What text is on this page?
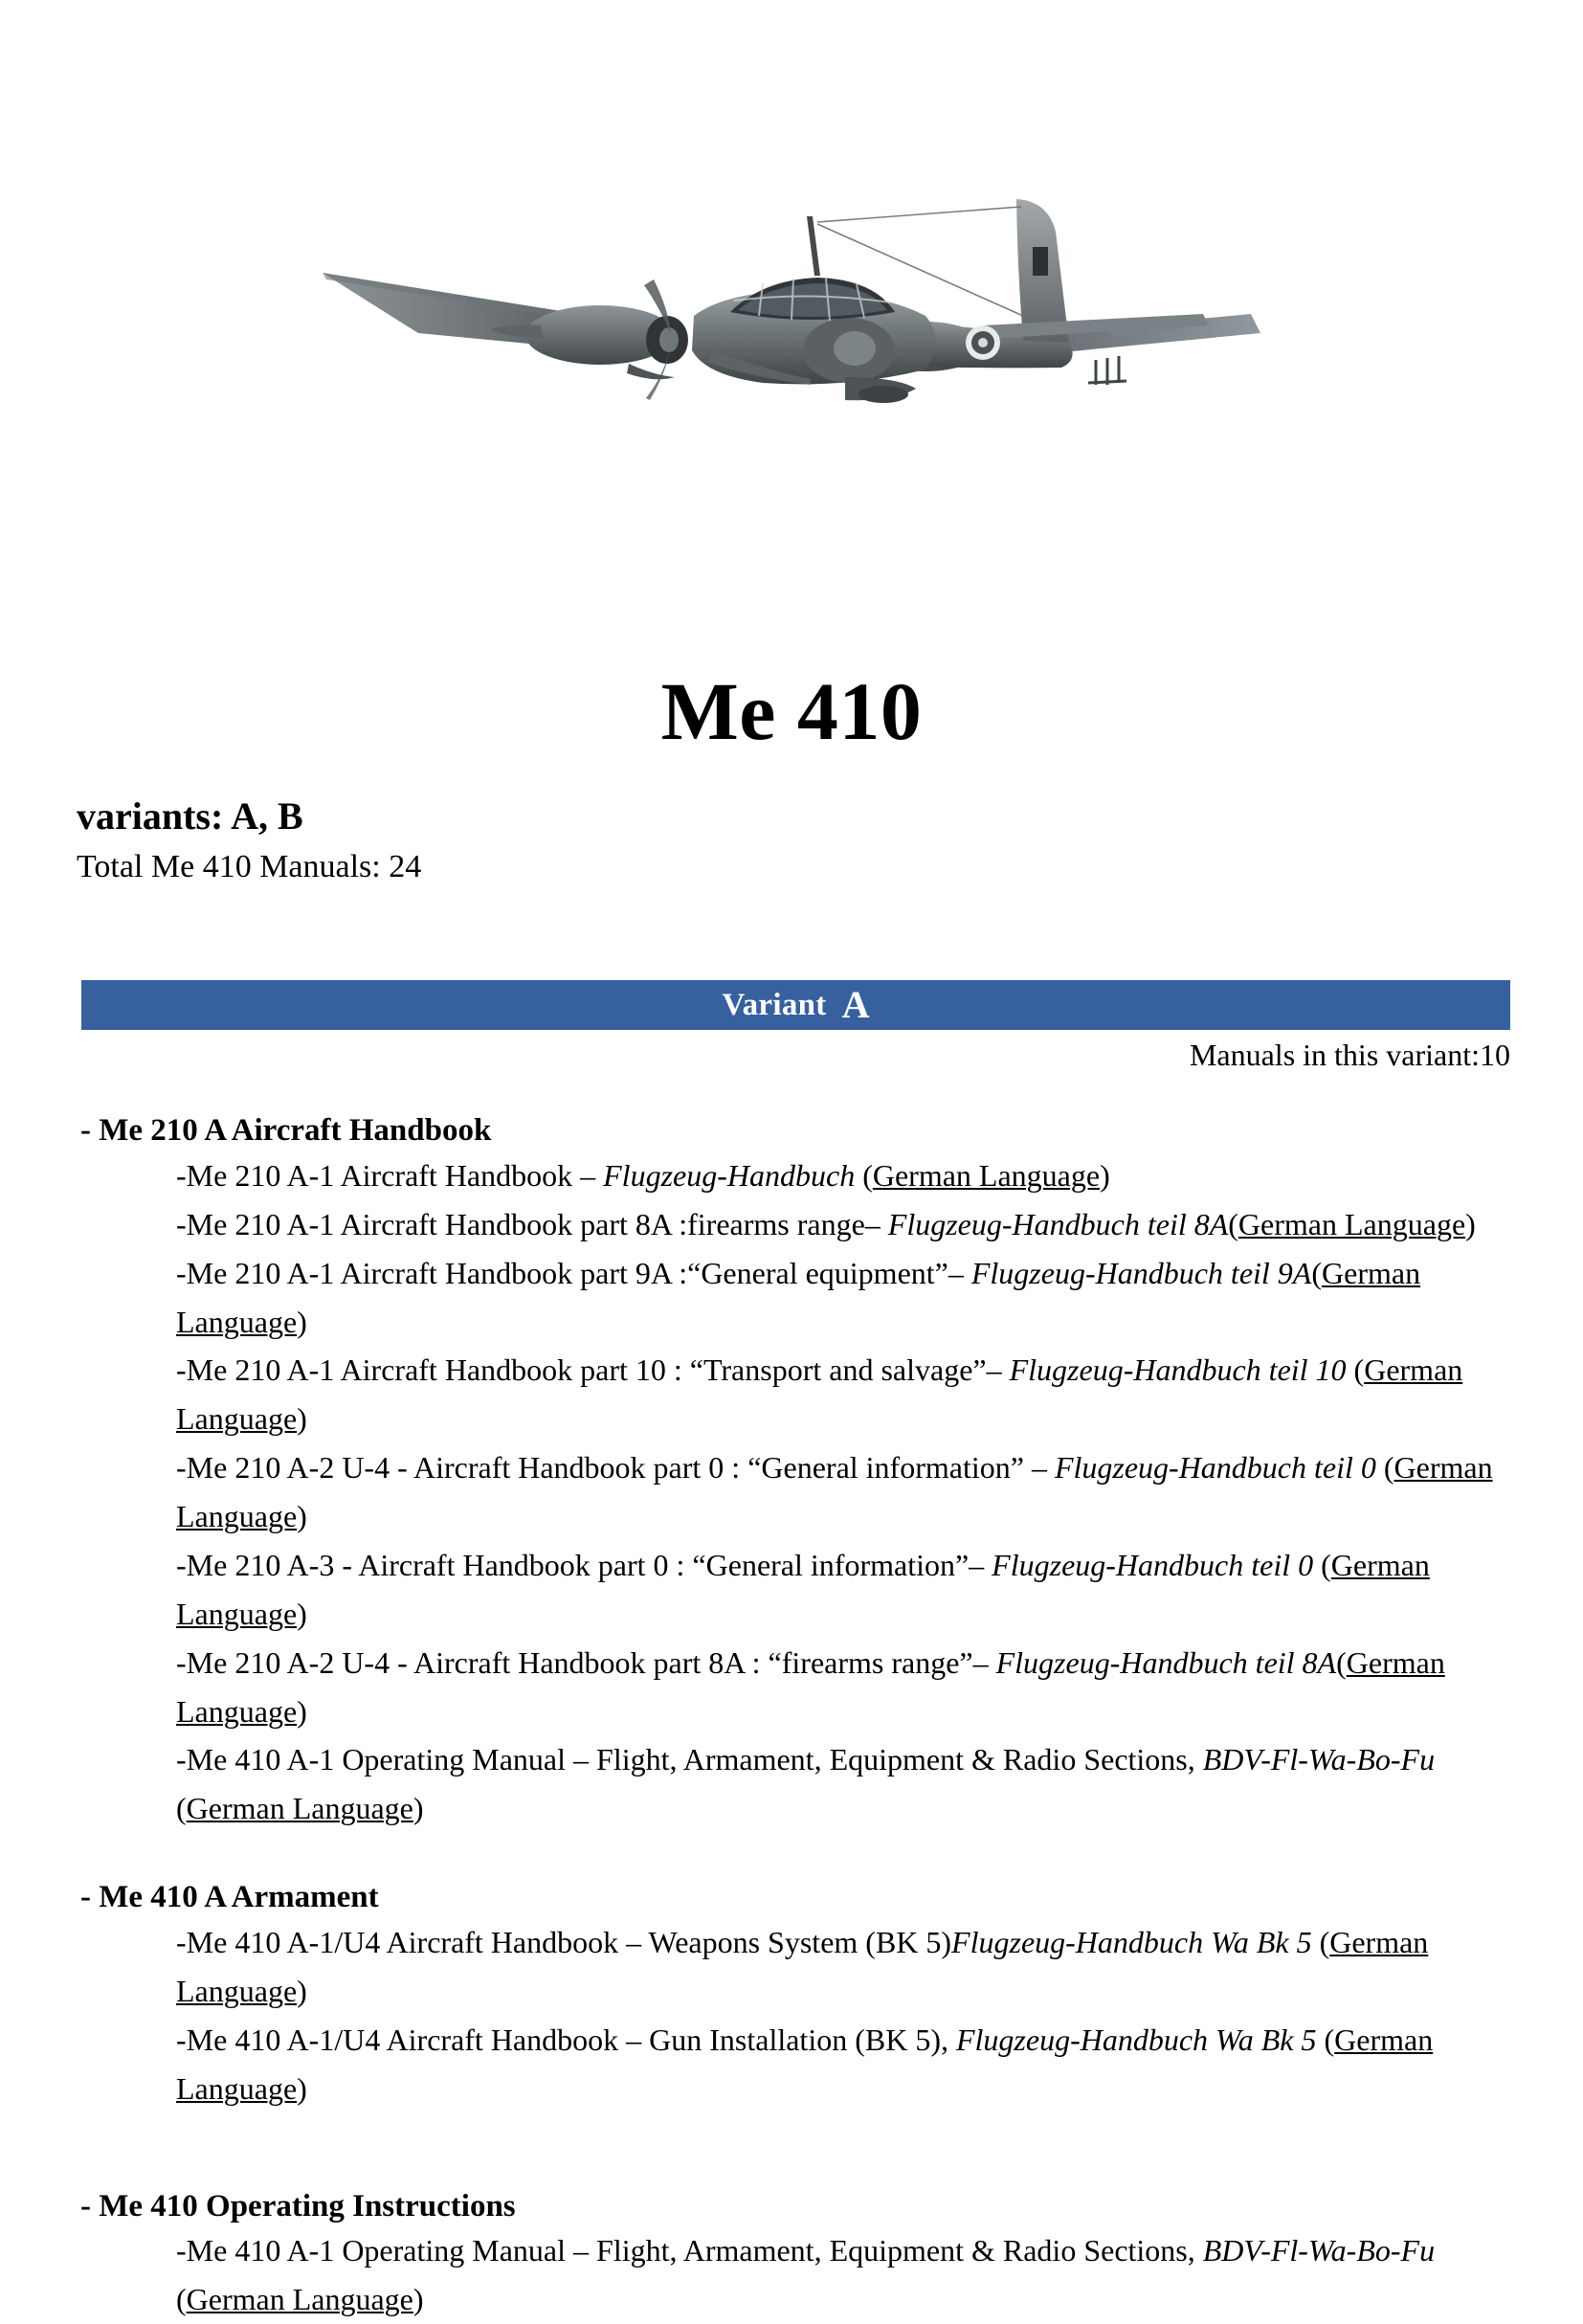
Me 410
variants: A, B
Total Me 410 Manuals: 24
Variant A
Manuals in this variant:10
- Me 210 A Aircraft Handbook
-Me 210 A-1 Aircraft Handbook – Flugzeug-Handbuch (German Language)
-Me 210 A-1 Aircraft Handbook part 8A :firearms range– Flugzeug-Handbuch teil 8A(German Language)
-Me 210 A-1 Aircraft Handbook part 9A :“General equipment”– Flugzeug-Handbuch teil 9A(German Language)
-Me 210 A-1 Aircraft Handbook part 10 : “Transport and salvage”– Flugzeug-Handbuch teil 10 (German Language)
-Me 210 A-2 U-4 - Aircraft Handbook part 0 : “General information” – Flugzeug-Handbuch teil 0 (German Language)
-Me 210 A-3 - Aircraft Handbook part 0 : “General information”– Flugzeug-Handbuch teil 0 (German Language)
-Me 210 A-2 U-4 - Aircraft Handbook part 8A : “firearms range”– Flugzeug-Handbuch teil 8A(German Language)
-Me 410 A-1 Operating Manual – Flight, Armament, Equipment & Radio Sections, BDV-Fl-Wa-Bo-Fu (German Language)
- Me 410 A Armament
-Me 410 A-1/U4 Aircraft Handbook – Weapons System (BK 5)Flugzeug-Handbuch Wa Bk 5 (German Language)
-Me 410 A-1/U4 Aircraft Handbook – Gun Installation (BK 5), Flugzeug-Handbuch Wa Bk 5 (German Language)
- Me 410 Operating Instructions
-Me 410 A-1 Operating Manual – Flight, Armament, Equipment & Radio Sections, BDV-Fl-Wa-Bo-Fu (German Language)
